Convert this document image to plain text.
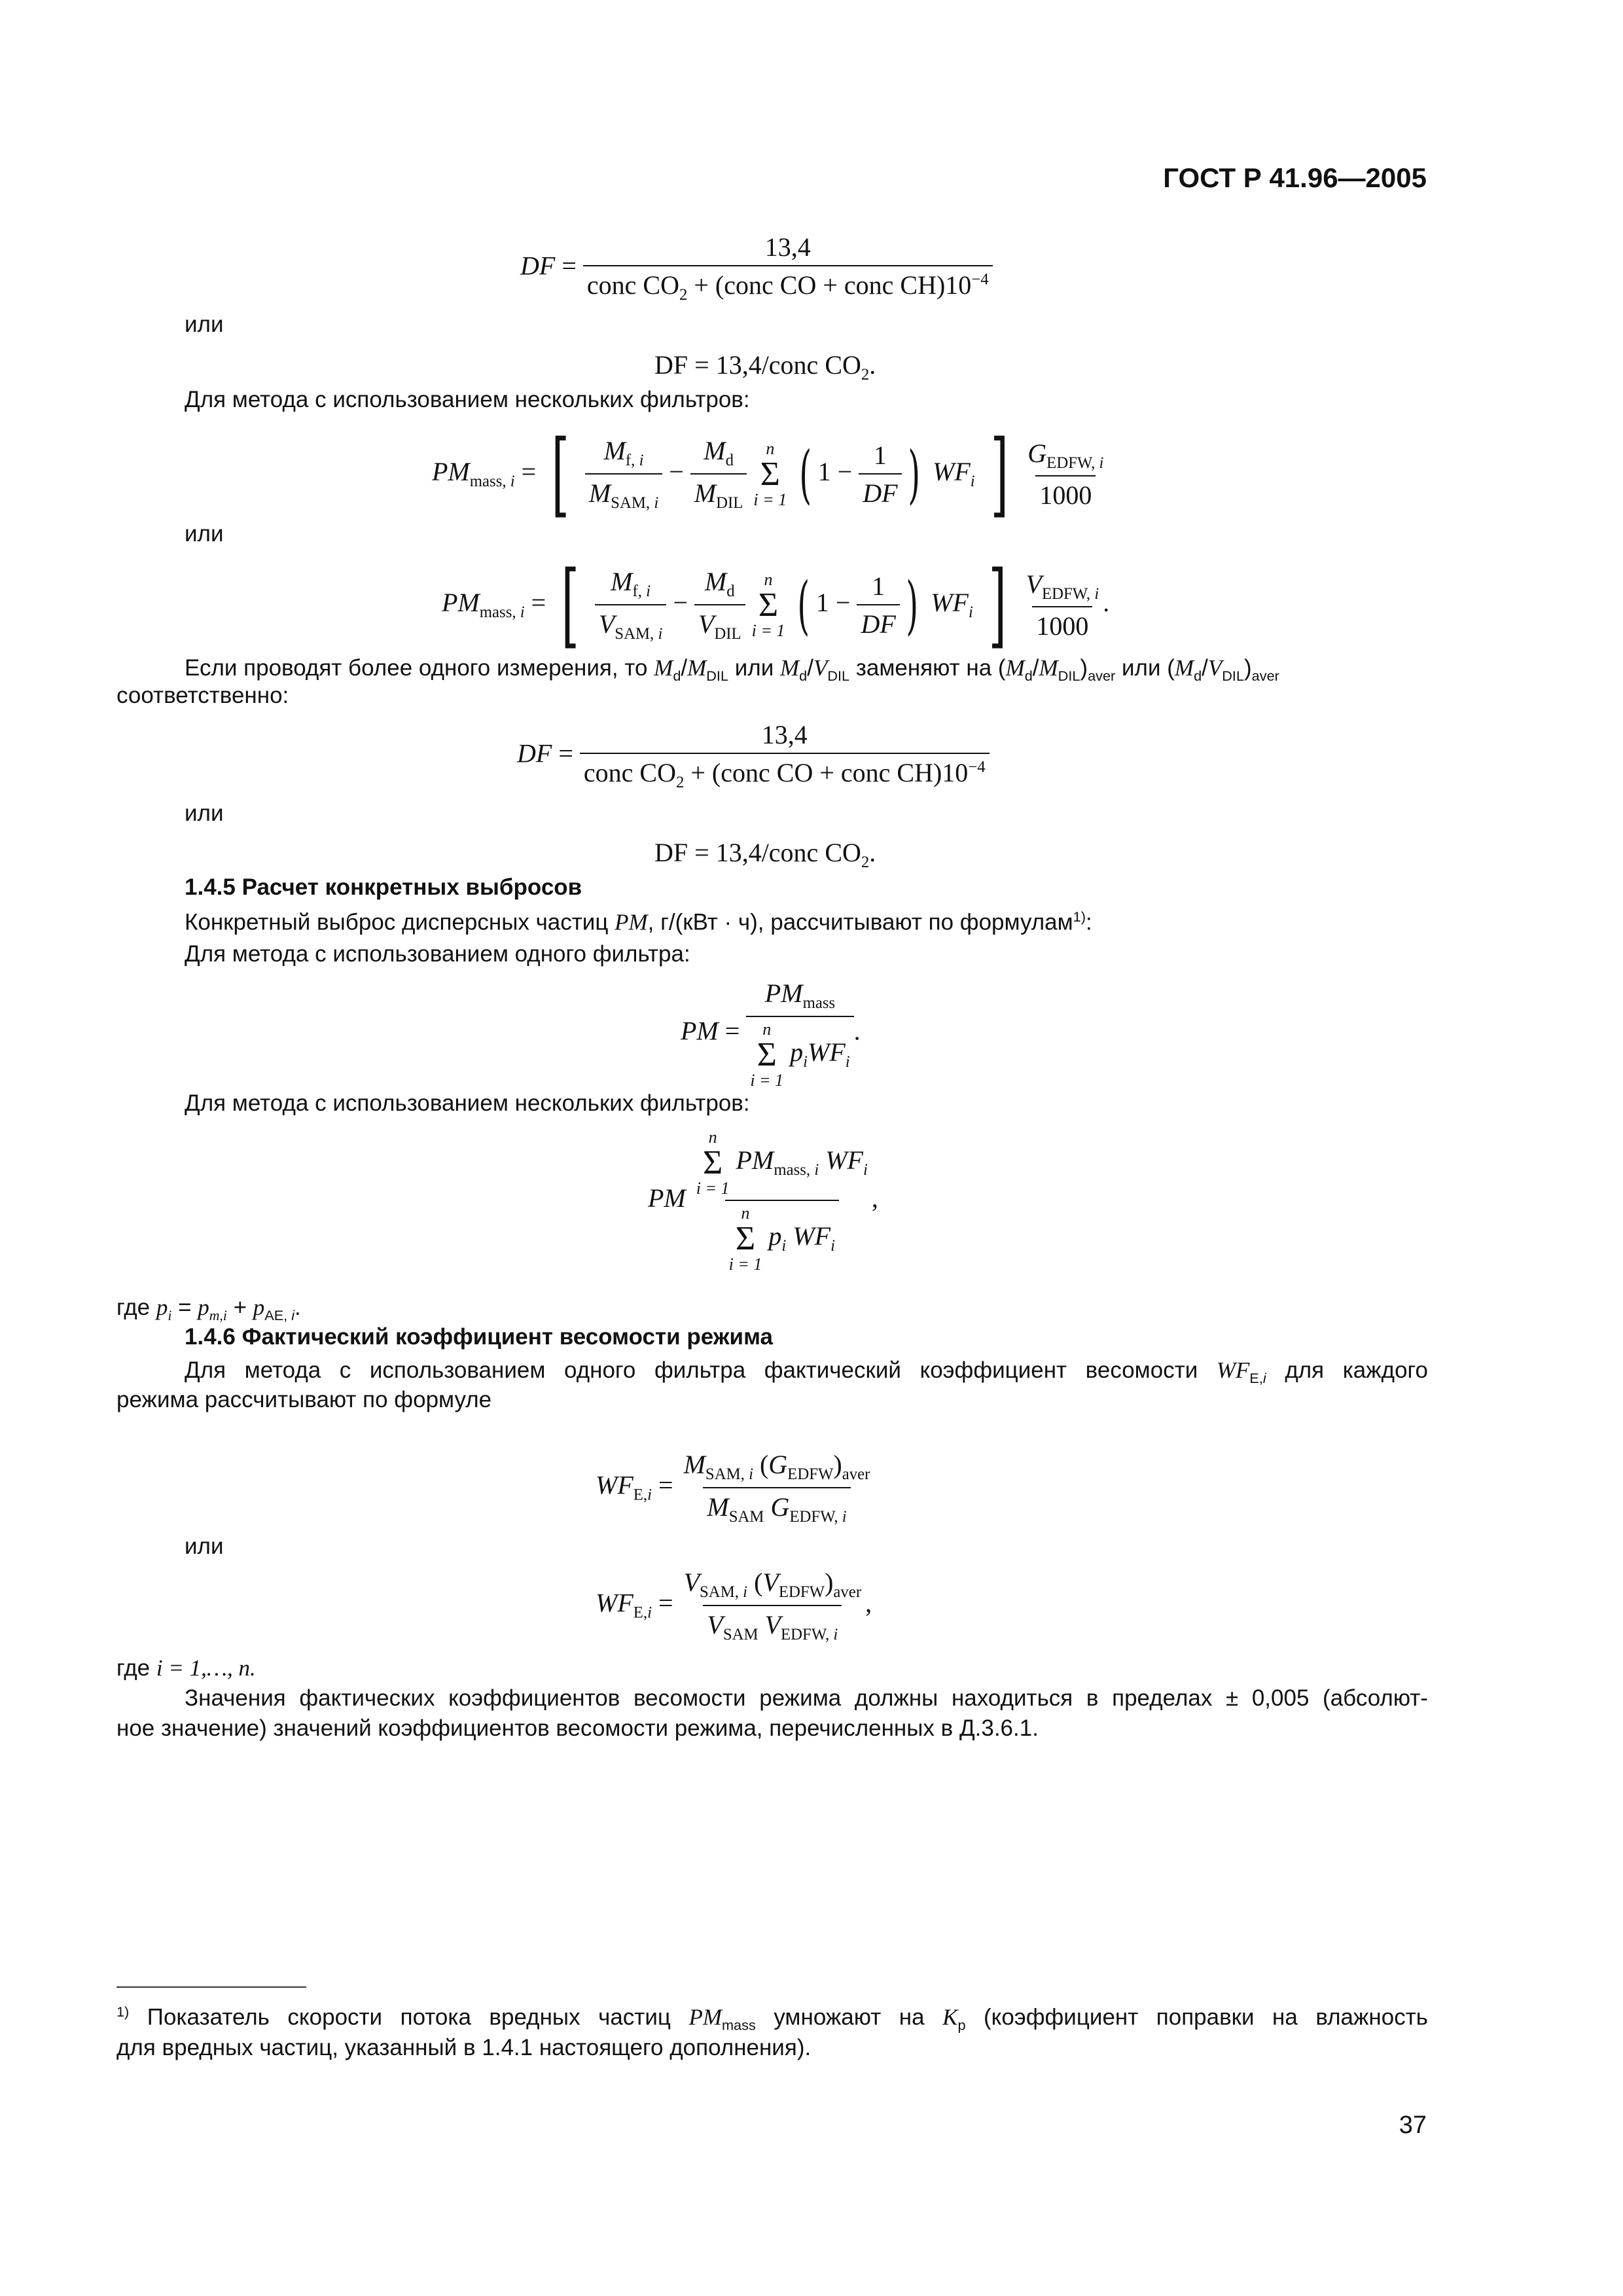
ГОСТ Р 41.96—2005
DF = $\frac{13,4}{conc CO_2 + (conc CO + conc CH)10^{-4}}$
или
DF = 13,4/conc $CO_2$.
Для метода с использованием нескольких фильтров:
$PM_{mass, i}$ = [ $\frac{M_{f, i}}{M_{SAM, i}} - \frac{M_d}{M_{DIL}}$
n
Σ
i = 1 ( $1 - \frac{1}{DF}$ ) $WF_i$ ] $\frac{G_{EDFW, i}}{1000}$
или
$PM_{mass, i}$ = [ $\frac{M_{f, i}}{V_{SAM, i}} - \frac{M_d}{V_{DIL}}$
n
Σ
i = 1 ( $1 - \frac{1}{DF}$ ) $WF_i$ ] $\frac{V_{EDFW, i}}{1000}$ .
Если проводят более одного измерения, то $M_d/M_{DIL}$ или $M_d/V_{DIL}$ заменяют на $(M_d/M_{DIL})_{aver}$ или $(M_d/V_{DIL})_{aver}$
соответственно:
DF = $\frac{13,4}{conc CO_2 + (conc CO + conc CH)10^{-4}}$
или
DF = 13,4/conc $CO_2$.
1.4.5 Расчет конкретных выбросов
Конкретный выброс дисперсных частиц PM, г/(кВт · ч), рассчитывают по формулам$^{1)}$:
Для метода с использованием одного фильтра:
PM = $PM_{mass}$
n
Σ
i = 1
$p_iWF_i$ .
Для метода с использованием нескольких фильтров:
PM n
Σ
i = 1
$PM_{mass, i}$ $WF_i$
n
Σ
i = 1
$p_i$ $WF_i$ ,
где $p_i = p_{m,i} + p_{AE, i}$.
1.4.6 Фактический коэффициент весомости режима
Для метода с использованием одного фильтра фактический коэффициент весомости $WF_{E,i}$ для каждого
режима рассчитывают по формуле
$WF_{E,i} = \frac{M_{SAM, i} (G_{EDFW})_{aver}}{M_{SAM} G_{EDFW, i}}$
или
$WF_{E,i} = \frac{V_{SAM, i} (V_{EDFW})_{aver}}{V_{SAM} V_{EDFW, i}}$ ,
где i = 1,…, n.
Значения фактических коэффициентов весомости режима должны находиться в пределах ± 0,005 (абсолют-
ное значение) значений коэффициентов весомости режима, перечисленных в Д.3.6.1.
$^{1)}$ Показатель скорости потока вредных частиц $PM_{mass}$ умножают на $K_p$ (коэффициент поправки на влажность
для вредных частиц, указанный в 1.4.1 настоящего дополнения).
37
